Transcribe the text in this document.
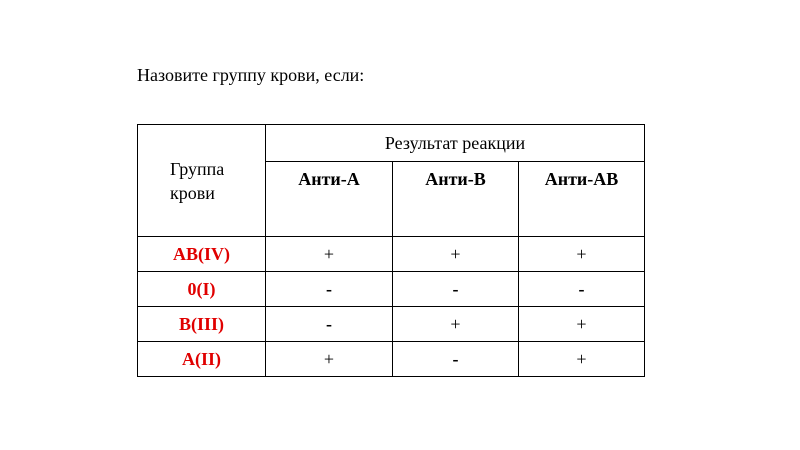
Назовите группу крови, если:
Группа
крови	Результат реакции		
	Анти-А	Анти-В	Анти-АВ
AB(IV)	+	+	+
0(I)	-	-	-
B(III)	-	+	+
A(II)	+	-	+
